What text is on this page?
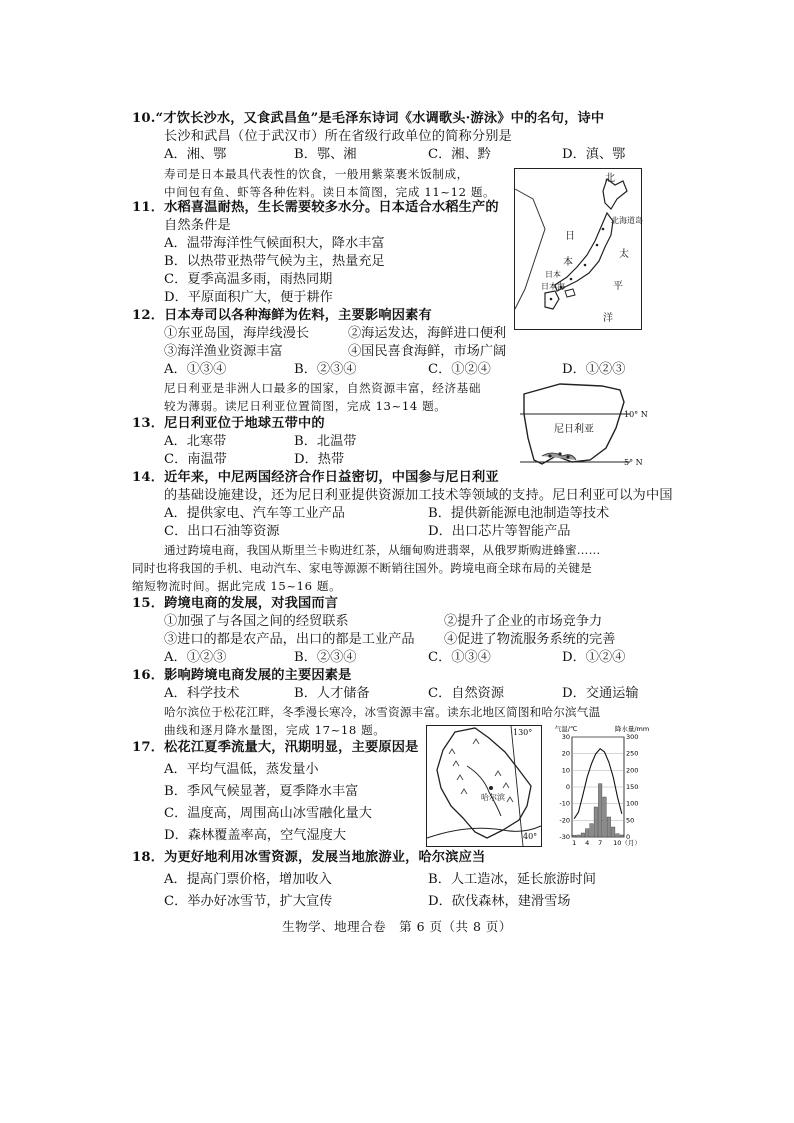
10.“才饮长沙水，又食武昌鱼”是毛泽东诗词《水调歌头·游泳》中的名句，诗中
长沙和武昌（位于武汉市）所在省级行政单位的简称分别是
A．湘、鄂	B．鄂、湘	C．湘、黔	D．滇、鄂
寿司是日本最具代表性的饮食，一般用紫菜裹米饭制成，
中间包有鱼、虾等各种佐料。读日本简图，完成 11~12 题。
11．水稻喜温耐热，生长需要较多水分。日本适合水稻生产的
自然条件是
A．温带海洋性气候面积大，降水丰富
B．以热带亚热带气候为主，热量充足
C．夏季高温多雨，雨热同期
D．平原面积广大，便于耕作
12．日本寿司以各种海鲜为佐料，主要影响因素有
①东亚岛国，海岸线漫长	②海运发达，海鲜进口便利
③海洋渔业资源丰富	④国民喜食海鲜，市场广阔
A．①③④	B．②③④	C．①②④	D．①②③
尼日利亚是非洲人口最多的国家，自然资源丰富，经济基础
较为薄弱。读尼日利亚位置简图，完成 13~14 题。
13．尼日利亚位于地球五带中的
A．北寒带	B．北温带
C．南温带	D．热带
14．近年来，中尼两国经济合作日益密切，中国参与尼日利亚
的基础设施建设，还为尼日利亚提供资源加工技术等领域的支持。尼日利亚可以为中国
A．提供家电、汽车等工业产品	B．提供新能源电池制造等技术
C．出口石油等资源	D．出口芯片等智能产品
通过跨境电商，我国从斯里兰卡购进红茶，从缅甸购进翡翠，从俄罗斯购进蜂蜜……
同时也将我国的手机、电动汽车、家电等源源不断销往国外。跨境电商全球布局的关键是
缩短物流时间。据此完成 15~16 题。
15．跨境电商的发展，对我国而言
①加强了与各国之间的经贸联系	②提升了企业的市场竞争力
③进口的都是农产品，出口的都是工业产品 ④促进了物流服务系统的完善
A．①②③	B．②③④	C．①③④	D．①②④
16．影响跨境电商发展的主要因素是
A．科学技术	B．人才储备	C．自然资源	D．交通运输
哈尔滨位于松花江畔，冬季漫长寒冷，冰雪资源丰富。读东北地区简图和哈尔滨气温
曲线和逐月降水量图，完成 17~18 题。
17．松花江夏季流量大，汛期明显，主要原因是
A．平均气温低，蒸发量小
B．季风气候显著，夏季降水丰富
C．温度高，周围高山冰雪融化量大
D．森林覆盖率高，空气湿度大
18．为更好地利用冰雪资源，发展当地旅游业，哈尔滨应当
A．提高门票价格，增加收入	B．人工造冰，延长旅游时间
C．举办好冰雪节，扩大宣传	D．砍伐森林，建滑雪场
北
北海道岛
日
本
太
平
洋
日本海
日本
尼日利亚
10° N
5° N
哈尔滨
130°
40°
30	300
20	250
10	200
0	150
-10	100
-20	50
-30	0
气温/℃	降水量/mm
1 4 7 10（月）
生物学、地理合卷　第 6 页（共 8 页）
